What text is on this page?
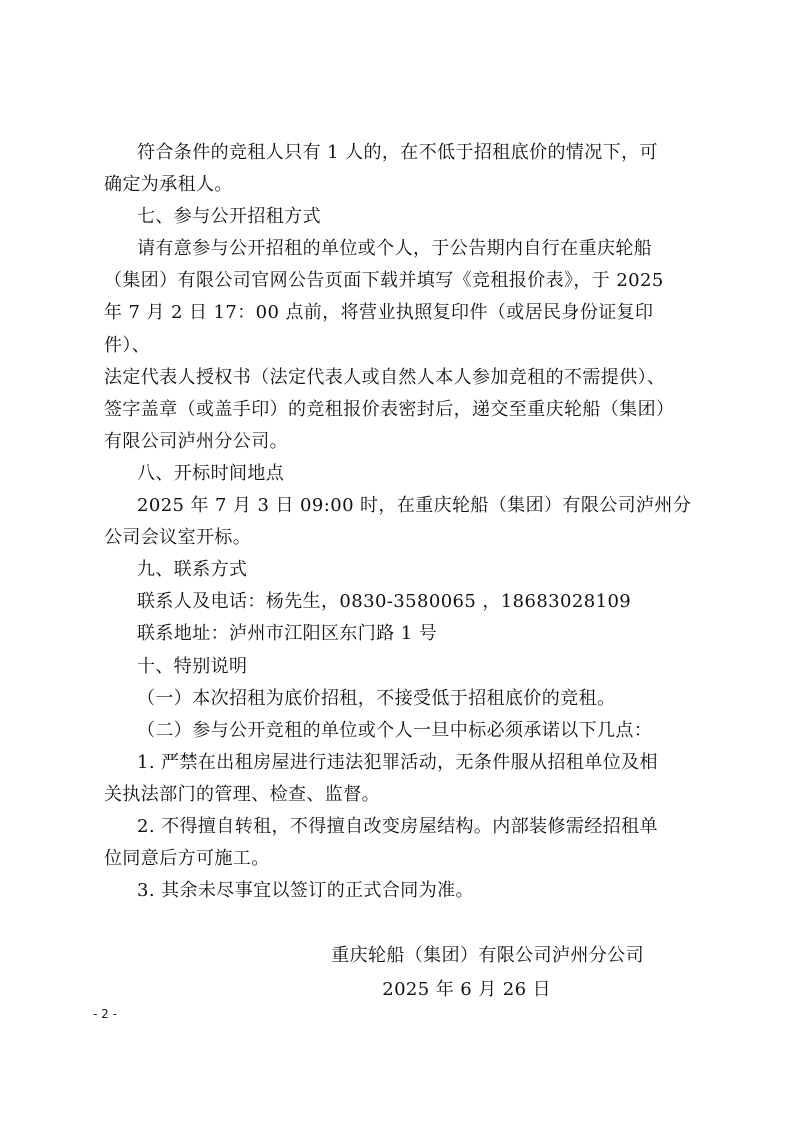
符合条件的竞租人只有 1 人的，在不低于招租底价的情况下，可
确定为承租人。

七、参与公开招租方式

请有意参与公开招租的单位或个人，于公告期内自行在重庆轮船
（集团）有限公司官网公告页面下载并填写《竞租报价表》，于 2025
年 7 月 2 日 17：00 点前，将营业执照复印件（或居民身份证复印件）、
法定代表人授权书（法定代表人或自然人本人参加竞租的不需提供）、
签字盖章（或盖手印）的竞租报价表密封后，递交至重庆轮船（集团）
有限公司泸州分公司。

八、开标时间地点

2025 年 7 月 3 日 09:00 时，在重庆轮船（集团）有限公司泸州分
公司会议室开标。

九、联系方式

联系人及电话：杨先生，0830-3580065 ，18683028109

联系地址：泸州市江阳区东门路 1 号

十、特别说明

（一）本次招租为底价招租，不接受低于招租底价的竞租。

（二）参与公开竞租的单位或个人一旦中标必须承诺以下几点：

1. 严禁在出租房屋进行违法犯罪活动，无条件服从招租单位及相
关执法部门的管理、检查、监督。

2. 不得擅自转租，不得擅自改变房屋结构。内部装修需经招租单
位同意后方可施工。

3. 其余未尽事宜以签订的正式合同为准。

重庆轮船（集团）有限公司泸州分公司
2025 年 6 月 26 日
- 2 -
